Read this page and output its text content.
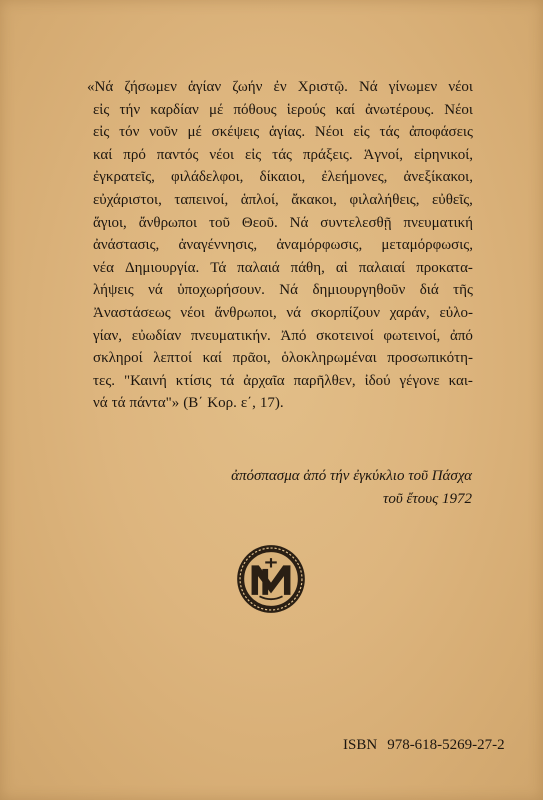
«Νά ζήσωμεν ἁγίαν ζωήν ἐν Χριστῷ. Νά γίνωμεν νέοι
εἰς τήν καρδίαν μέ πόθους ἱερούς καί ἀνωτέρους. Νέοι
εἰς τόν νοῦν μέ σκέψεις ἁγίας. Νέοι εἰς τάς ἀποφάσεις
καί πρό παντός νέοι εἰς τάς πράξεις. Ἁγνοί, εἰρηνικοί,
ἐγκρατεῖς, φιλάδελφοι, δίκαιοι, ἐλεήμονες, ἀνεξίκακοι,
εὐχάριστοι, ταπεινοί, ἁπλοί, ἄκακοι, φιλαλήθεις, εὐθεῖς,
ἅγιοι, ἄνθρωποι τοῦ Θεοῦ. Νά συντελεσθῇ πνευματική
ἀνάστασις, ἀναγέννησις, ἀναμόρφωσις, μεταμόρφωσις,
νέα Δημιουργία. Τά παλαιά πάθη, αἱ παλαιαί προκατα-
λήψεις νά ὑποχωρήσουν. Νά δημιουργηθοῦν διά τῆς
Ἀναστάσεως νέοι ἄνθρωποι, νά σκορπίζουν χαράν, εὐλο-
γίαν, εὐωδίαν πνευματικήν. Ἀπό σκοτεινοί φωτεινοί, ἀπό
σκληροί λεπτοί καί πρᾶοι, ὁλοκληρωμέναι προσωπικότη-
τες. "Καινή κτίσις τά ἀρχαῖα παρῆλθεν, ἰδού γέγονε και-
νά τά πάντα"» (Β΄ Κορ. ε΄, 17).
ἀπόσπασμα ἀπό τήν ἐγκύκλιο τοῦ Πάσχα
τοῦ ἔτους 1972
ISBN 978-618-5269-27-2
